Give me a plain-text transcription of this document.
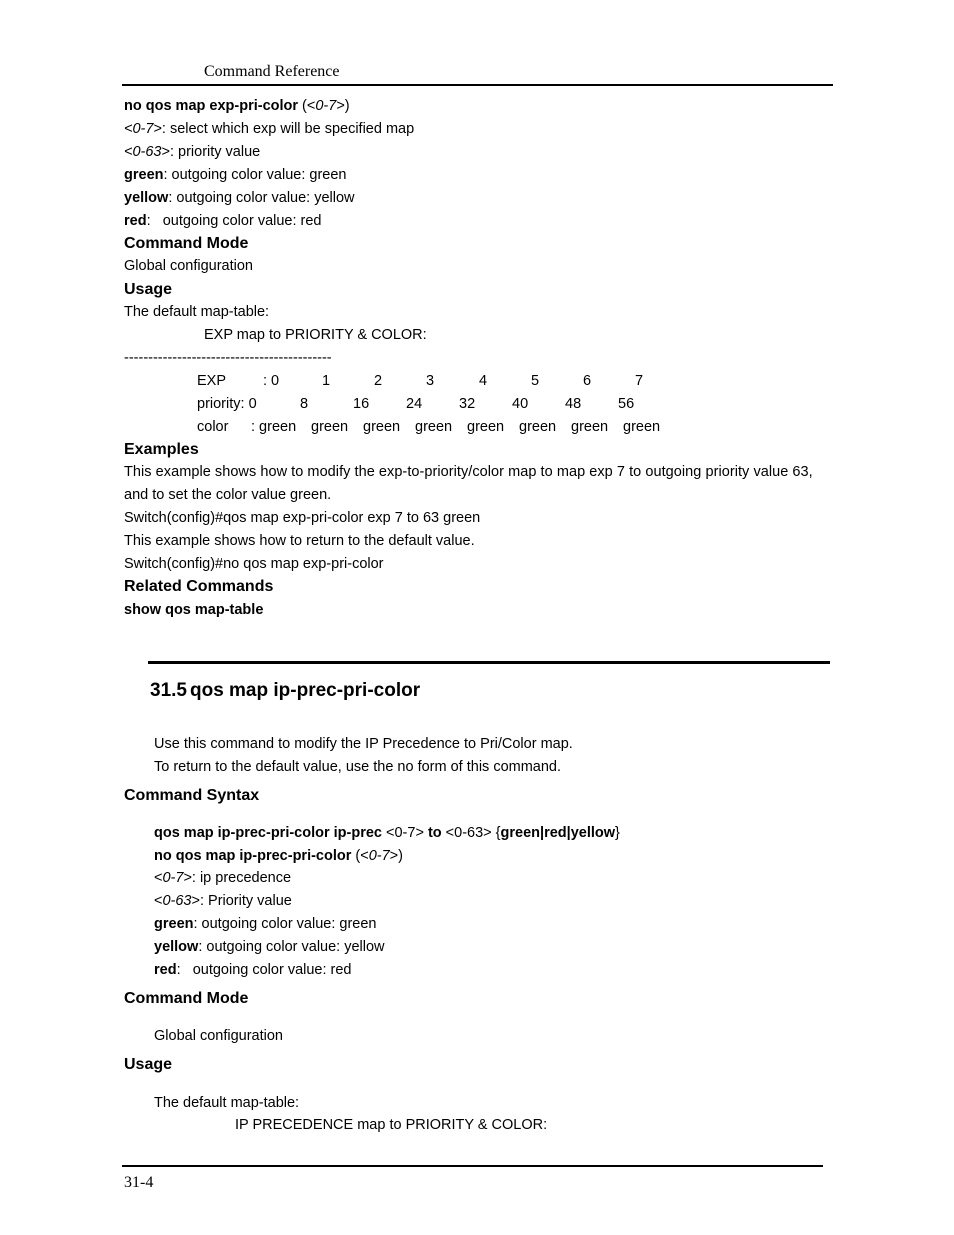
Command Reference
no qos map exp-pri-color (<0-7>)
<0-7>: select which exp will be specified map
<0-63>: priority value
green: outgoing color value: green
yellow: outgoing color value: yellow
red:   outgoing color value: red
Command Mode
Global configuration
Usage
The default map-table:
EXP map to PRIORITY & COLOR:
-------------------------------------------
EXP	: 0	1	2	3	4	5	6	7
priority: 0	8	16	24	32	40	48	56
color : green green green green green green green green
Examples
This example shows how to modify the exp-to-priority/color map to map exp 7 to outgoing priority value 63,
and to set the color value green.
Switch(config)#qos map exp-pri-color exp 7 to 63 green
This example shows how to return to the default value.
Switch(config)#no qos map exp-pri-color
Related Commands
show qos map-table
31.5 qos map ip-prec-pri-color
Use this command to modify the IP Precedence to Pri/Color map.
To return to the default value, use the no form of this command.
Command Syntax
qos map ip-prec-pri-color ip-prec <0-7> to <0-63> {green|red|yellow}
no qos map ip-prec-pri-color (<0-7>)
<0-7>: ip precedence
<0-63>: Priority value
green: outgoing color value: green
yellow: outgoing color value: yellow
red:   outgoing color value: red
Command Mode
Global configuration
Usage
The default map-table:
IP PRECEDENCE map to PRIORITY & COLOR:
31-4
